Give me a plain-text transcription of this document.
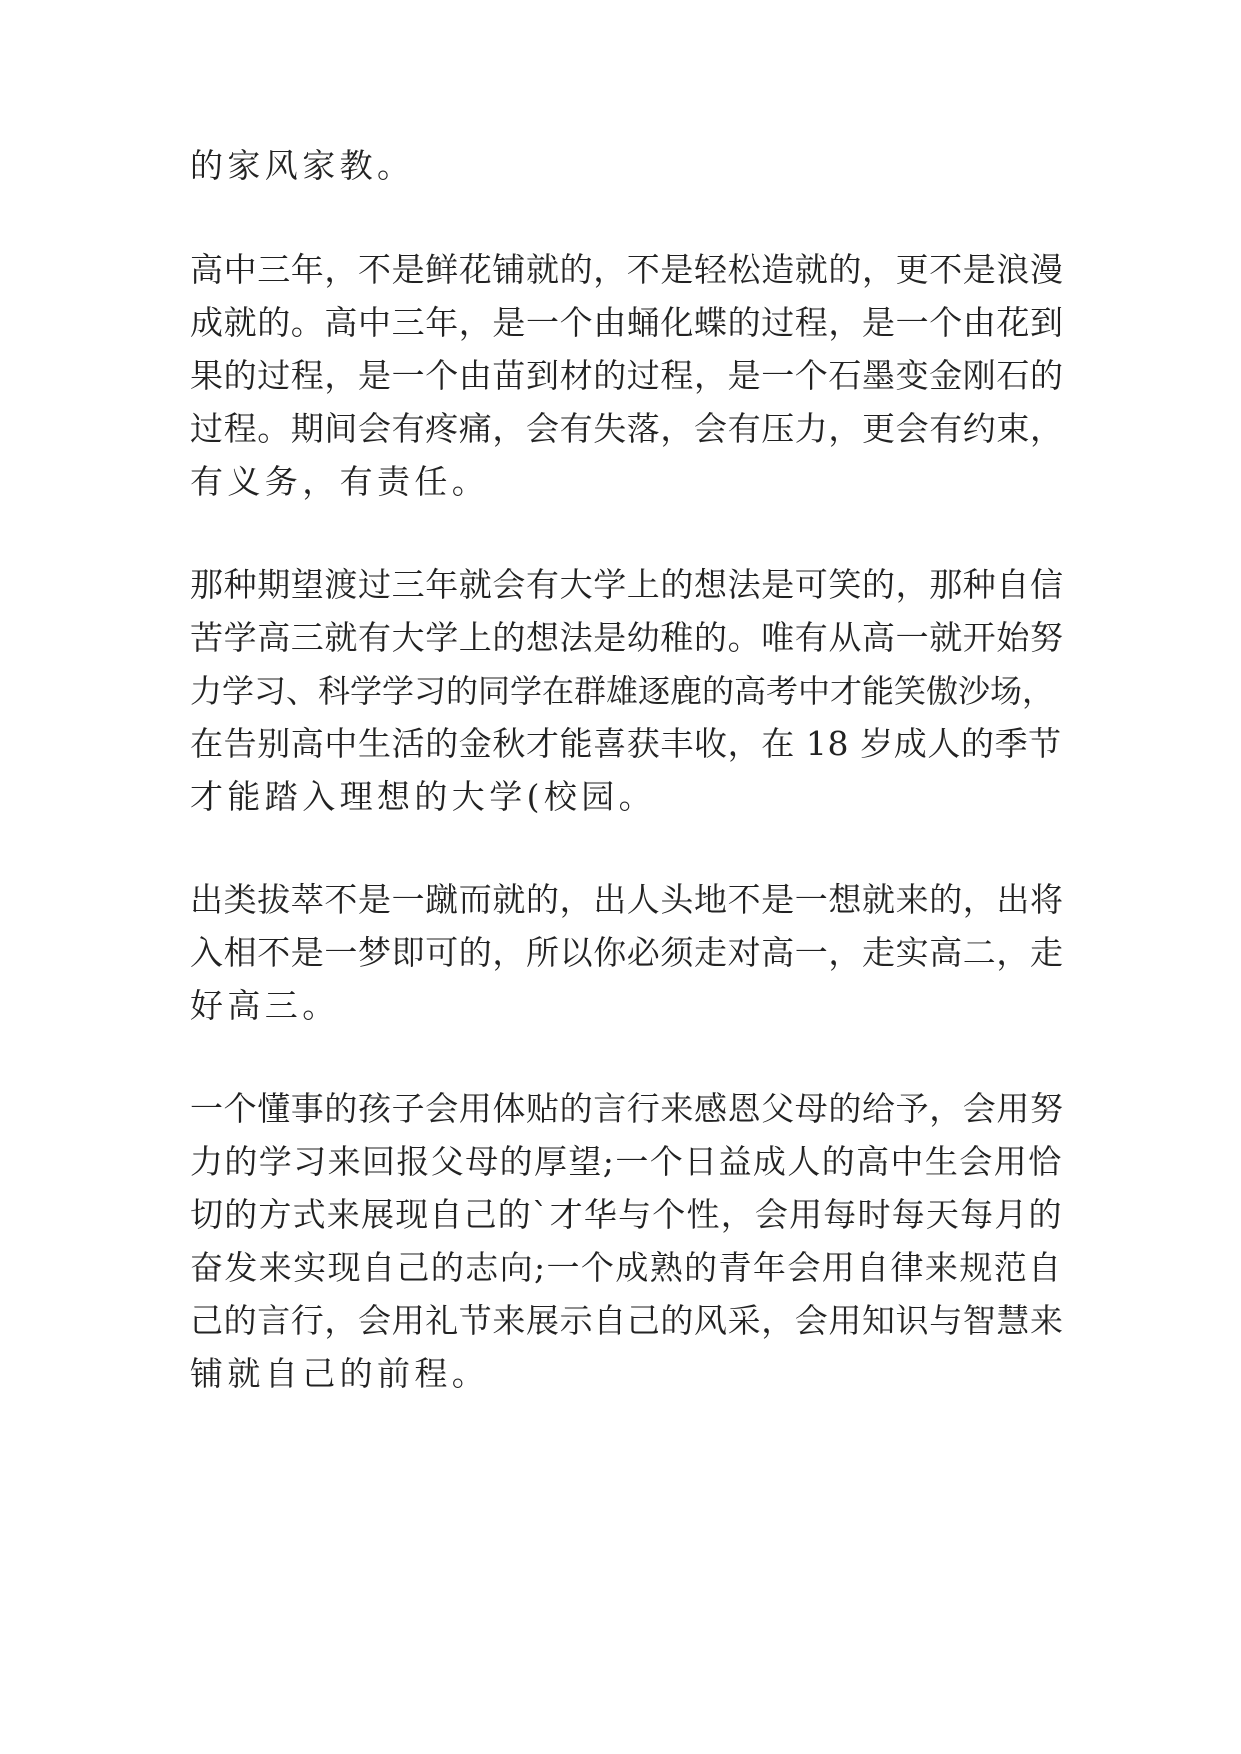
的家风家教。

高中三年，不是鲜花铺就的，不是轻松造就的，更不是浪漫

成就的。高中三年，是一个由蛹化蝶的过程，是一个由花到

果的过程，是一个由苗到材的过程，是一个石墨变金刚石的

过程。期间会有疼痛，会有失落，会有压力，更会有约束，

有义务，有责任。

那种期望渡过三年就会有大学上的想法是可笑的，那种自信

苦学高三就有大学上的想法是幼稚的。唯有从高一就开始努

力学习、科学学习的同学在群雄逐鹿的高考中才能笑傲沙场，

在告别高中生活的金秋才能喜获丰收，在 18 岁成人的季节

才能踏入理想的大学(校园。

出类拔萃不是一蹴而就的，出人头地不是一想就来的，出将

入相不是一梦即可的，所以你必须走对高一，走实高二，走

好高三。

一个懂事的孩子会用体贴的言行来感恩父母的给予，会用努

力的学习来回报父母的厚望;一个日益成人的高中生会用恰

切的方式来展现自己的`才华与个性，会用每时每天每月的

奋发来实现自己的志向;一个成熟的青年会用自律来规范自

己的言行，会用礼节来展示自己的风采，会用知识与智慧来

铺就自己的前程。
